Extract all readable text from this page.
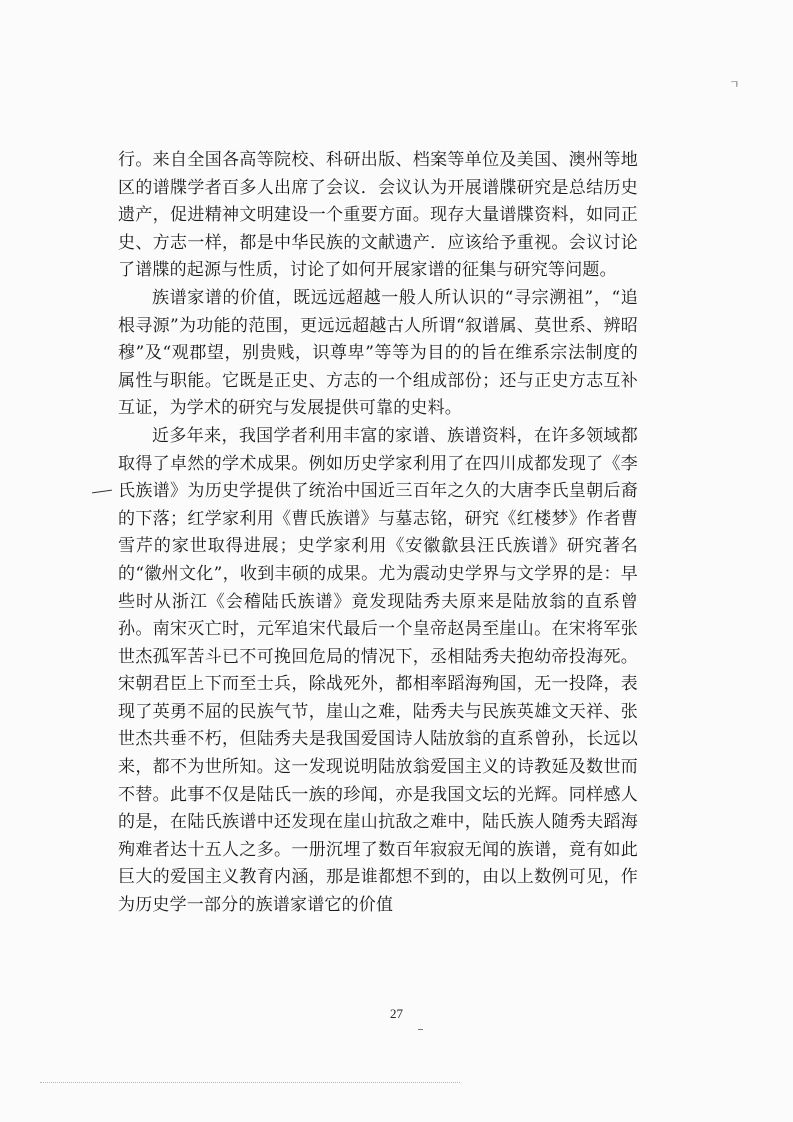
ㄱ

行。来自全国各高等院校、科研出版、档案等单位及美国、澳州等地区的谱牒学者百多人出席了会议．会议认为开展谱牒研究是总结历史遗产，促进精神文明建设一个重要方面。现存大量谱牒资料，如同正史、方志一样，都是中华民族的文献遗产．应该给予重视。会议讨论了谱牒的起源与性质，讨论了如何开展家谱的征集与研究等问题。

族谱家谱的价值，既远远超越一般人所认识的“寻宗溯祖”，“追根寻源”为功能的范围，更远远超越古人所谓“叙谱属、莫世系、辨昭穆”及“观郡望，别贵贱，识尊卑”等等为目的的旨在维系宗法制度的属性与职能。它既是正史、方志的一个组成部份；还与正史方志互补互证，为学术的研究与发展提供可靠的史料。

近多年来，我国学者利用丰富的家谱、族谱资料，在许多领域都取得了卓然的学术成果。例如历史学家利用了在四川成都发现了《李氏族谱》为历史学提供了统治中国近三百年之久的大唐李氏皇朝后裔的下落；红学家利用《曹氏族谱》与墓志铭，研究《红楼梦》作者曹雪芹的家世取得进展；史学家利用《安徽歙县汪氏族谱》研究著名的“徽州文化”，收到丰硕的成果。尤为震动史学界与文学界的是：早些时从浙江《会稽陆氏族谱》竟发现陆秀夫原来是陆放翁的直系曾孙。南宋灭亡时，元军追宋代最后一个皇帝赵昺至崖山。在宋将军张世杰孤军苦斗已不可挽回危局的情况下，丞相陆秀夫抱幼帝投海死。宋朝君臣上下而至士兵，除战死外，都相率蹈海殉国，无一投降，表现了英勇不屈的民族气节，崖山之难，陆秀夫与民族英雄文天祥、张世杰共垂不朽，但陆秀夫是我国爱国诗人陆放翁的直系曾孙，长远以来，都不为世所知。这一发现说明陆放翁爱国主义的诗教延及数世而不替。此事不仅是陆氏一族的珍闻，亦是我国文坛的光辉。同样感人的是，在陆氏族谱中还发现在崖山抗敌之难中，陆氏族人随秀夫蹈海殉难者达十五人之多。一册沉埋了数百年寂寂无闻的族谱，竟有如此巨大的爱国主义教育内涵，那是谁都想不到的，由以上数例可见，作为历史学一部分的族谱家谱它的价值

27
